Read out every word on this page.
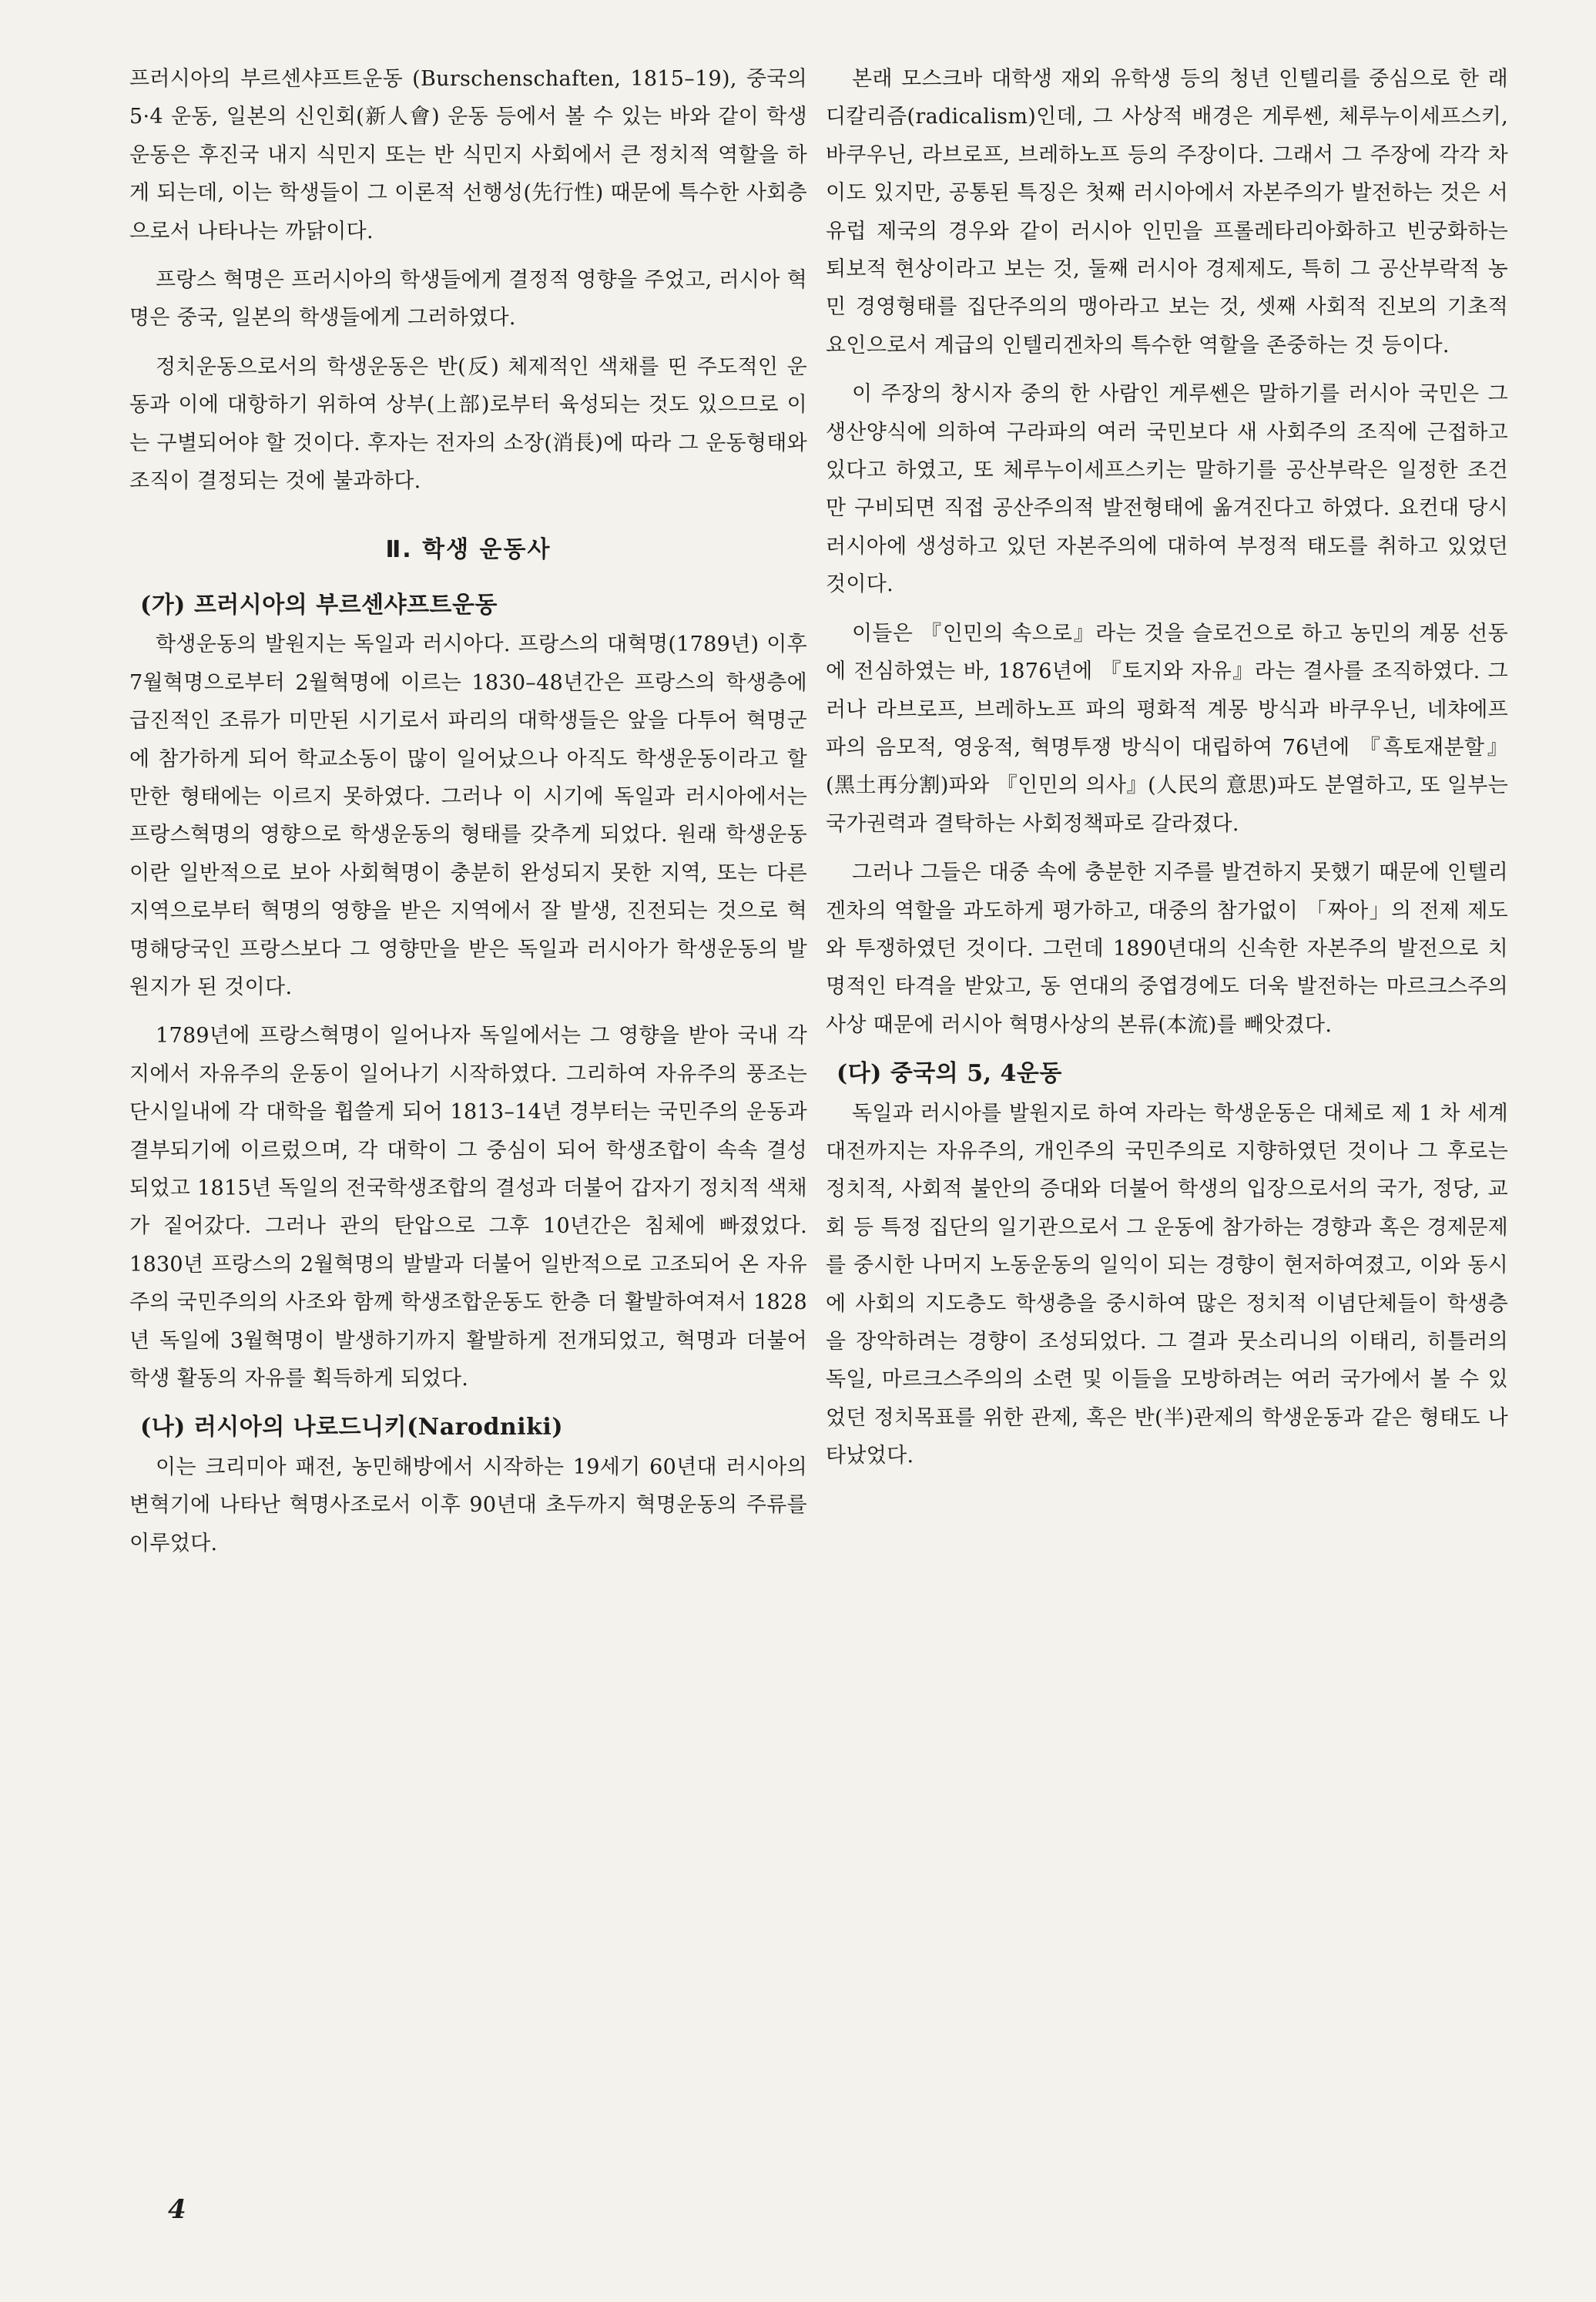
프러시아의 부르센샤프트운동 (Burschenschaften, 1815–19), 중국의 5·4 운동, 일본의 신인회(新人會) 운동 등에서 볼 수 있는 바와 같이 학생운동은 후진국 내지 식민지 또는 반 식민지 사회에서 큰 정치적 역할을 하게 되는데, 이는 학생들이 그 이론적 선행성(先行性) 때문에 특수한 사회층으로서 나타나는 까닭이다.

프랑스 혁명은 프러시아의 학생들에게 결정적 영향을 주었고, 러시아 혁명은 중국, 일본의 학생들에게 그러하였다.

정치운동으로서의 학생운동은 반(反) 체제적인 색채를 띤 주도적인 운동과 이에 대항하기 위하여 상부(上部)로부터 육성되는 것도 있으므로 이는 구별되어야 할 것이다. 후자는 전자의 소장(消長)에 따라 그 운동형태와 조직이 결정되는 것에 불과하다.

Ⅱ. 학생 운동사
(가) 프러시아의 부르센샤프트운동

학생운동의 발원지는 독일과 러시아다. 프랑스의 대혁명(1789년) 이후 7월혁명으로부터 2월혁명에 이르는 1830–48년간은 프랑스의 학생층에 급진적인 조류가 미만된 시기로서 파리의 대학생들은 앞을 다투어 혁명군에 참가하게 되어 학교소동이 많이 일어났으나 아직도 학생운동이라고 할 만한 형태에는 이르지 못하였다. 그러나 이 시기에 독일과 러시아에서는 프랑스혁명의 영향으로 학생운동의 형태를 갖추게 되었다. 원래 학생운동이란 일반적으로 보아 사회혁명이 충분히 완성되지 못한 지역, 또는 다른 지역으로부터 혁명의 영향을 받은 지역에서 잘 발생, 진전되는 것으로 혁명해당국인 프랑스보다 그 영향만을 받은 독일과 러시아가 학생운동의 발원지가 된 것이다.

1789년에 프랑스혁명이 일어나자 독일에서는 그 영향을 받아 국내 각지에서 자유주의 운동이 일어나기 시작하였다. 그리하여 자유주의 풍조는 단시일내에 각 대학을 휩쓸게 되어 1813–14년 경부터는 국민주의 운동과 결부되기에 이르렀으며, 각 대학이 그 중심이 되어 학생조합이 속속 결성되었고 1815년 독일의 전국학생조합의 결성과 더불어 갑자기 정치적 색채가 짙어갔다. 그러나 관의 탄압으로 그후 10년간은 침체에 빠졌었다. 1830년 프랑스의 2월혁명의 발발과 더불어 일반적으로 고조되어 온 자유주의 국민주의의 사조와 함께 학생조합운동도 한층 더 활발하여져서 1828년 독일에 3월혁명이 발생하기까지 활발하게 전개되었고, 혁명과 더불어 학생 활동의 자유를 획득하게 되었다.

(나) 러시아의 나로드니키(Narodniki)

이는 크리미아 패전, 농민해방에서 시작하는 19세기 60년대 러시아의 변혁기에 나타난 혁명사조로서 이후 90년대 초두까지 혁명운동의 주류를 이루었다.

본래 모스크바 대학생 재외 유학생 등의 청년 인텔리를 중심으로 한 래디칼리즘(radicalism)인데, 그 사상적 배경은 게루쎈, 체루누이세프스키, 바쿠우닌, 라브로프, 브레하노프 등의 주장이다. 그래서 그 주장에 각각 차이도 있지만, 공통된 특징은 첫째 러시아에서 자본주의가 발전하는 것은 서유럽 제국의 경우와 같이 러시아 인민을 프롤레타리아화하고 빈궁화하는 퇴보적 현상이라고 보는 것, 둘째 러시아 경제제도, 특히 그 공산부락적 농민 경영형태를 집단주의의 맹아라고 보는 것, 셋째 사회적 진보의 기초적 요인으로서 계급의 인텔리겐차의 특수한 역할을 존중하는 것 등이다.

이 주장의 창시자 중의 한 사람인 게루쎈은 말하기를 러시아 국민은 그 생산양식에 의하여 구라파의 여러 국민보다 새 사회주의 조직에 근접하고 있다고 하였고, 또 체루누이세프스키는 말하기를 공산부락은 일정한 조건만 구비되면 직접 공산주의적 발전형태에 옮겨진다고 하였다. 요컨대 당시 러시아에 생성하고 있던 자본주의에 대하여 부정적 태도를 취하고 있었던 것이다.

이들은 『인민의 속으로』라는 것을 슬로건으로 하고 농민의 계몽 선동에 전심하였는 바, 1876년에 『토지와 자유』라는 결사를 조직하였다. 그러나 라브로프, 브레하노프 파의 평화적 계몽 방식과 바쿠우닌, 네챠에프 파의 음모적, 영웅적, 혁명투쟁 방식이 대립하여 76년에 『흑토재분할』(黑土再分割)파와 『인민의 의사』(人民의 意思)파도 분열하고, 또 일부는 국가권력과 결탁하는 사회정책파로 갈라졌다.

그러나 그들은 대중 속에 충분한 지주를 발견하지 못했기 때문에 인텔리겐차의 역할을 과도하게 평가하고, 대중의 참가없이 「짜아」의 전제 제도와 투쟁하였던 것이다. 그런데 1890년대의 신속한 자본주의 발전으로 치명적인 타격을 받았고, 동 연대의 중엽경에도 더욱 발전하는 마르크스주의 사상 때문에 러시아 혁명사상의 본류(本流)를 빼앗겼다.

(다) 중국의 5, 4운동

독일과 러시아를 발원지로 하여 자라는 학생운동은 대체로 제 1 차 세계대전까지는 자유주의, 개인주의 국민주의로 지향하였던 것이나 그 후로는 정치적, 사회적 불안의 증대와 더불어 학생의 입장으로서의 국가, 정당, 교회 등 특정 집단의 일기관으로서 그 운동에 참가하는 경향과 혹은 경제문제를 중시한 나머지 노동운동의 일익이 되는 경향이 현저하여졌고, 이와 동시에 사회의 지도층도 학생층을 중시하여 많은 정치적 이념단체들이 학생층을 장악하려는 경향이 조성되었다. 그 결과 뭇소리니의 이태리, 히틀러의 독일, 마르크스주의의 소련 및 이들을 모방하려는 여러 국가에서 볼 수 있었던 정치목표를 위한 관제, 혹은 반(半)관제의 학생운동과 같은 형태도 나타났었다.

4
